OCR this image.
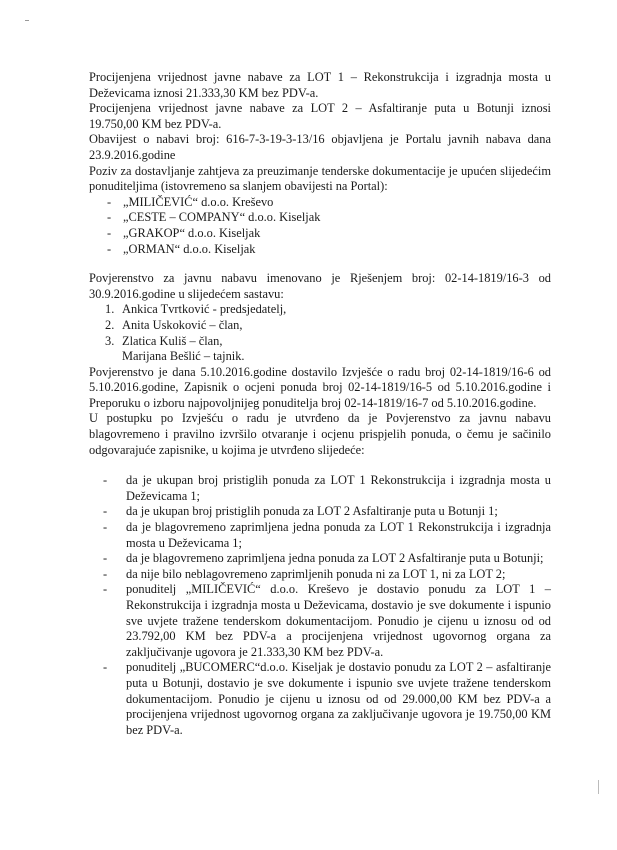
Procijenjena vrijednost javne nabave za LOT 1 – Rekonstrukcija i izgradnja mosta u Deževicama iznosi 21.333,30 KM bez PDV-a.

Procijenjena vrijednost javne nabave za LOT 2 – Asfaltiranje puta u Botunji iznosi 19.750,00 KM bez PDV-a.

Obavijest o nabavi broj: 616-7-3-19-3-13/16 objavljena je Portalu javnih nabava dana 23.9.2016.godine

Poziv za dostavljanje zahtjeva za preuzimanje tenderske dokumentacije je upućen slijedećim ponuditeljima (istovremeno sa slanjem obavijesti na Portal):

- „MILIČEVIĆ“ d.o.o. Kreševo
- „CESTE – COMPANY“ d.o.o. Kiseljak
- „GRAKOP“ d.o.o. Kiseljak
- „ORMAN“ d.o.o. Kiseljak

Povjerenstvo za javnu nabavu imenovano je Rješenjem broj: 02-14-1819/16-3 od 30.9.2016.godine u slijedećem sastavu:

1. Ankica Tvrtković - predsjedatelj,
2. Anita Uskoković – član,
3. Zlatica Kuliš – član,
Marijana Bešlić – tajnik.

Povjerenstvo je dana 5.10.2016.godine dostavilo Izvješće o radu broj 02-14-1819/16-6 od 5.10.2016.godine, Zapisnik o ocjeni ponuda broj 02-14-1819/16-5 od 5.10.2016.godine i Preporuku o izboru najpovoljnijeg ponuditelja broj 02-14-1819/16-7 od 5.10.2016.godine.

U postupku po Izvješću o radu je utvrđeno da je Povjerenstvo za javnu nabavu blagovremeno i pravilno izvršilo otvaranje i ocjenu prispjelih ponuda, o čemu je sačinilo odgovarajuće zapisnike, u kojima je utvrđeno slijedeće:

- da je ukupan broj pristiglih ponuda za LOT 1 Rekonstrukcija i izgradnja mosta u Deževicama 1;
- da je ukupan broj pristiglih ponuda za LOT 2 Asfaltiranje puta u Botunji 1;
- da je blagovremeno zaprimljena jedna ponuda za LOT 1 Rekonstrukcija i izgradnja mosta u Deževicama 1;
- da je blagovremeno zaprimljena jedna ponuda za LOT 2 Asfaltiranje puta u Botunji;
- da nije bilo neblagovremeno zaprimljenih ponuda ni za LOT 1, ni za LOT 2;
- ponuditelj „MILIČEVIĆ“ d.o.o. Kreševo je dostavio ponudu za LOT 1 – Rekonstrukcija i izgradnja mosta u Deževicama, dostavio je sve dokumente i ispunio sve uvjete tražene tenderskom dokumentacijom. Ponudio je cijenu u iznosu od od 23.792,00 KM bez PDV-a a procijenjena vrijednost ugovornog organa za zaključivanje ugovora je 21.333,30 KM bez PDV-a.
- ponuditelj „BUCOMERC“d.o.o. Kiseljak je dostavio ponudu za LOT 2 – asfaltiranje puta u Botunji, dostavio je sve dokumente i ispunio sve uvjete tražene tenderskom dokumentacijom. Ponudio je cijenu u iznosu od od 29.000,00 KM bez PDV-a a procijenjena vrijednost ugovornog organa za zaključivanje ugovora je 19.750,00 KM bez PDV-a.
